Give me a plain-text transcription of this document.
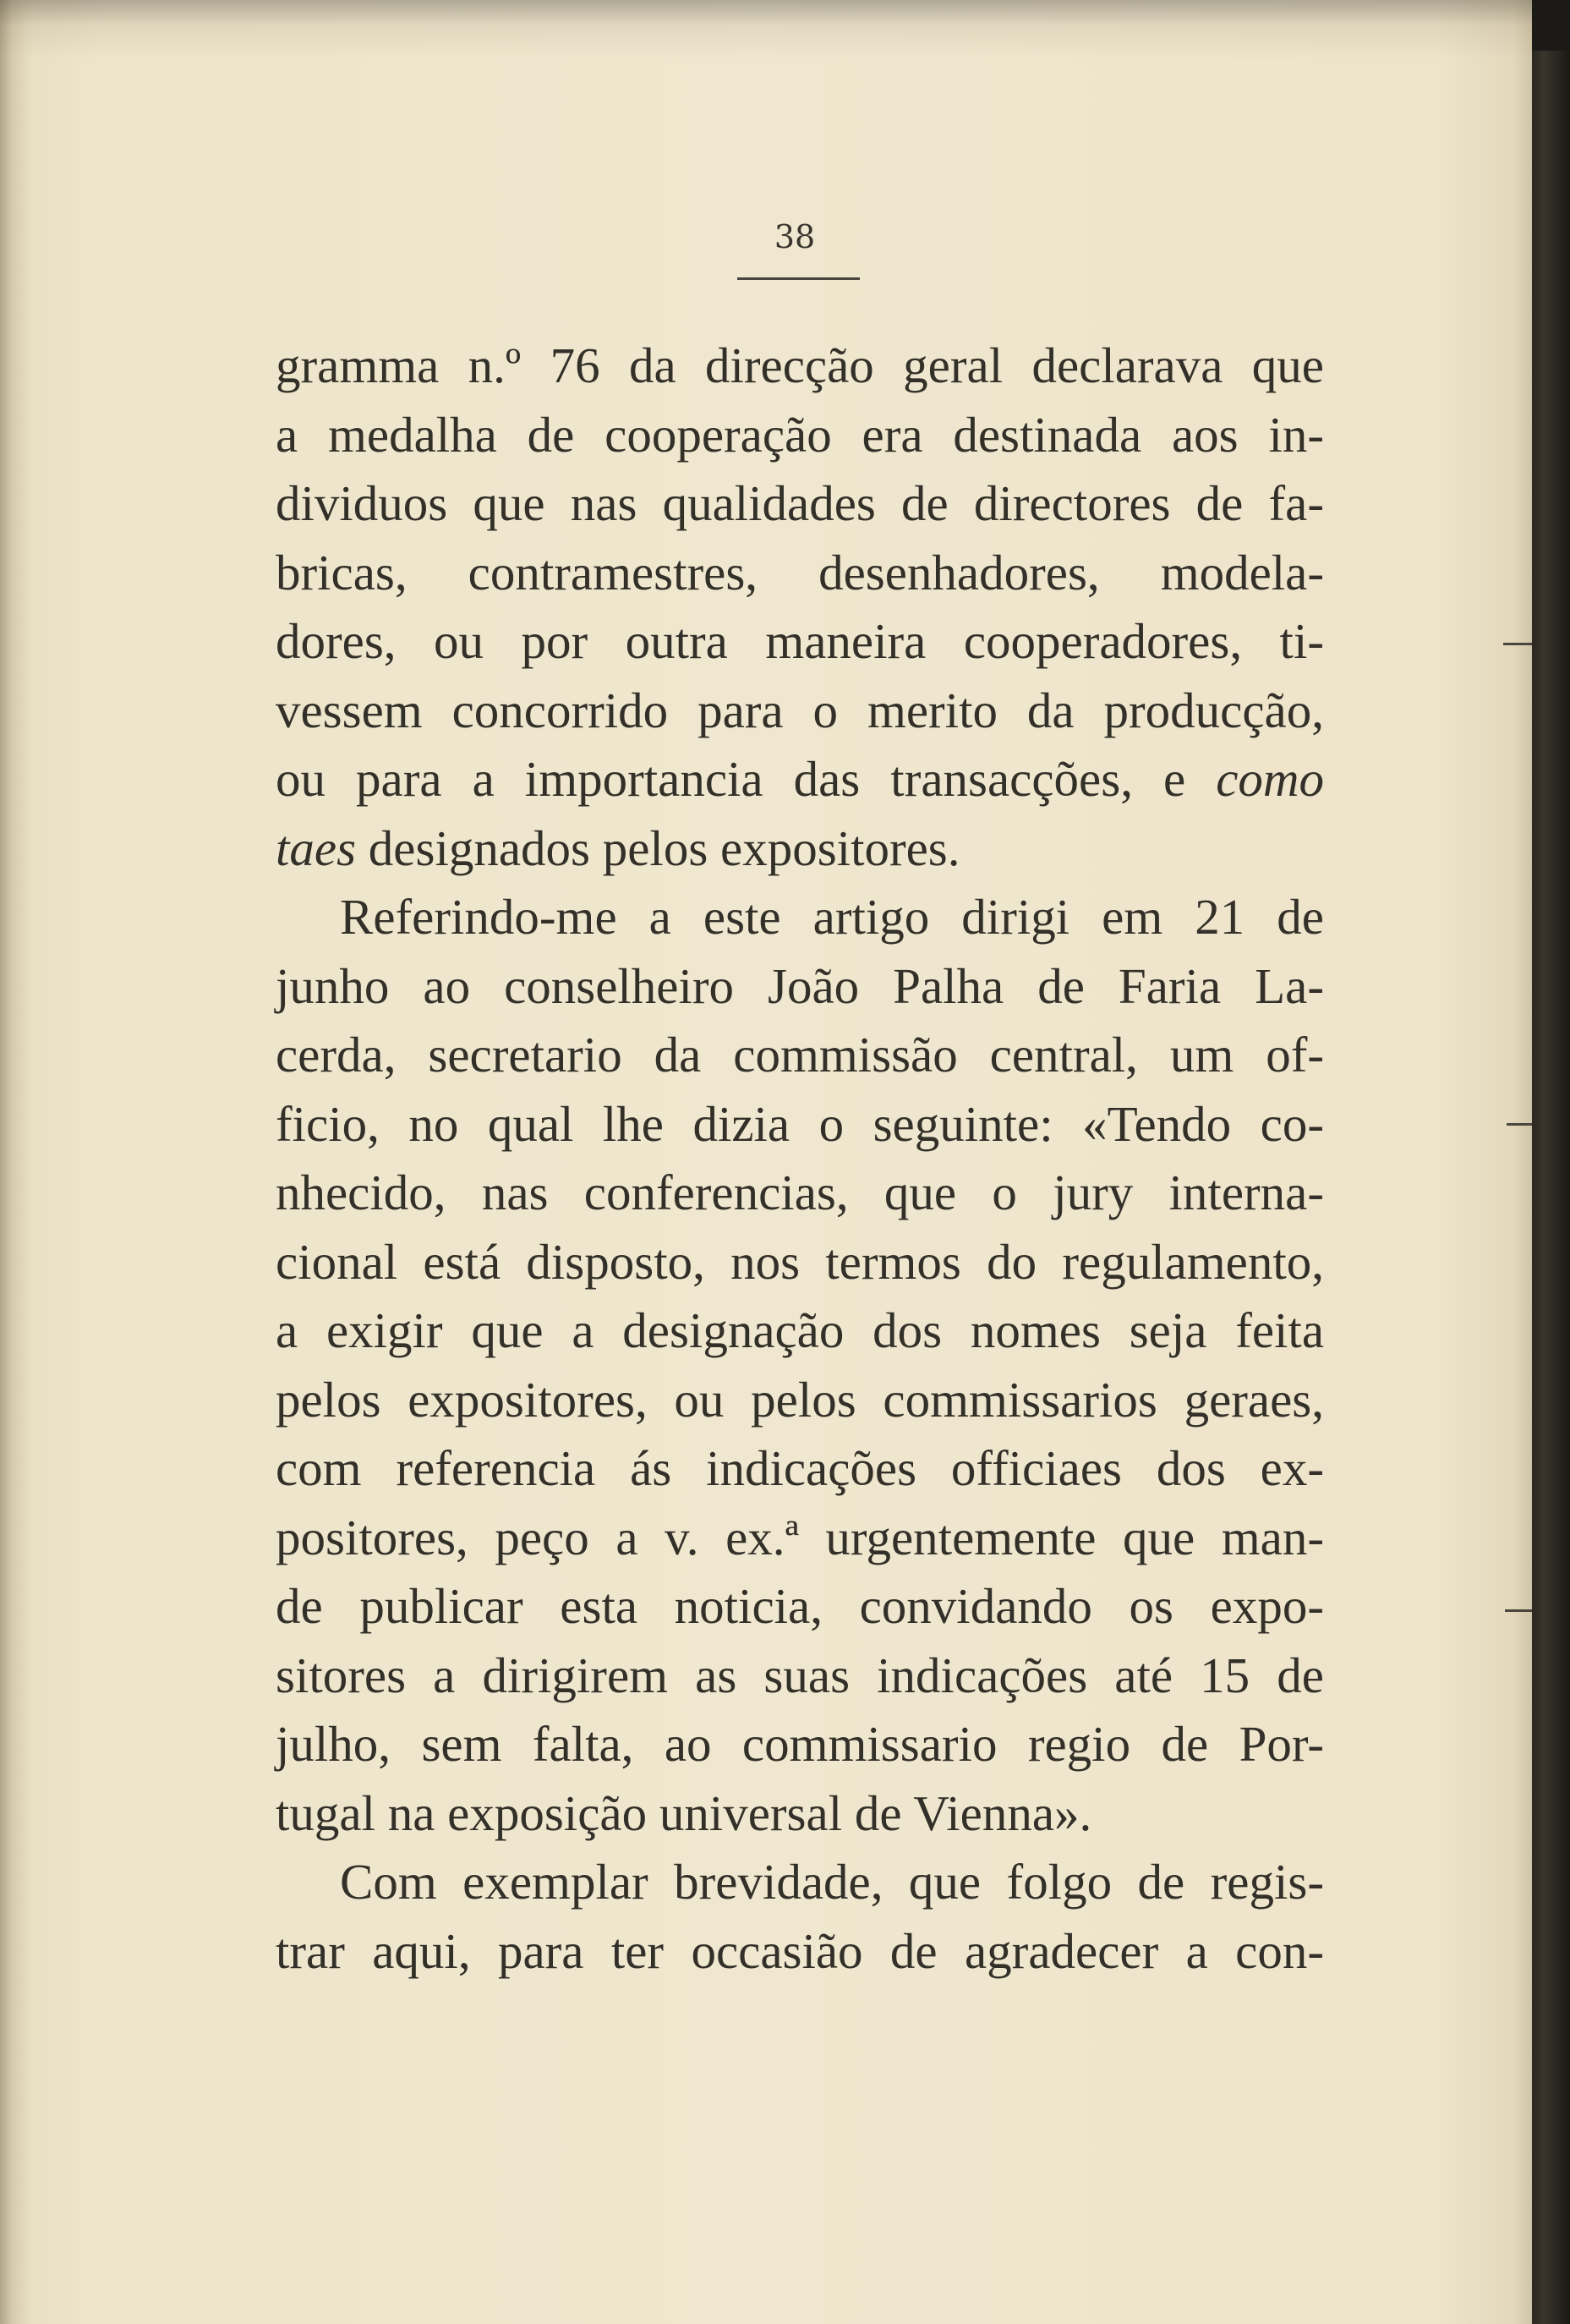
38
gramma n.º 76 da direcção geral declarava que
a medalha de cooperação era destinada aos in-
dividuos que nas qualidades de directores de fa-
bricas, contramestres, desenhadores, modela-
dores, ou por outra maneira cooperadores, ti-
vessem concorrido para o merito da producção,
ou para a importancia das transacções, e como
taes designados pelos expositores.
Referindo-me a este artigo dirigi em 21 de
junho ao conselheiro João Palha de Faria La-
cerda, secretario da commissão central, um of-
ficio, no qual lhe dizia o seguinte: «Tendo co-
nhecido, nas conferencias, que o jury interna-
cional está disposto, nos termos do regulamento,
a exigir que a designação dos nomes seja feita
pelos expositores, ou pelos commissarios geraes,
com referencia ás indicações officiaes dos ex-
positores, peço a v. ex.ª urgentemente que man-
de publicar esta noticia, convidando os expo-
sitores a dirigirem as suas indicações até 15 de
julho, sem falta, ao commissario regio de Por-
tugal na exposição universal de Vienna».
Com exemplar brevidade, que folgo de regis-
trar aqui, para ter occasião de agradecer a con-
